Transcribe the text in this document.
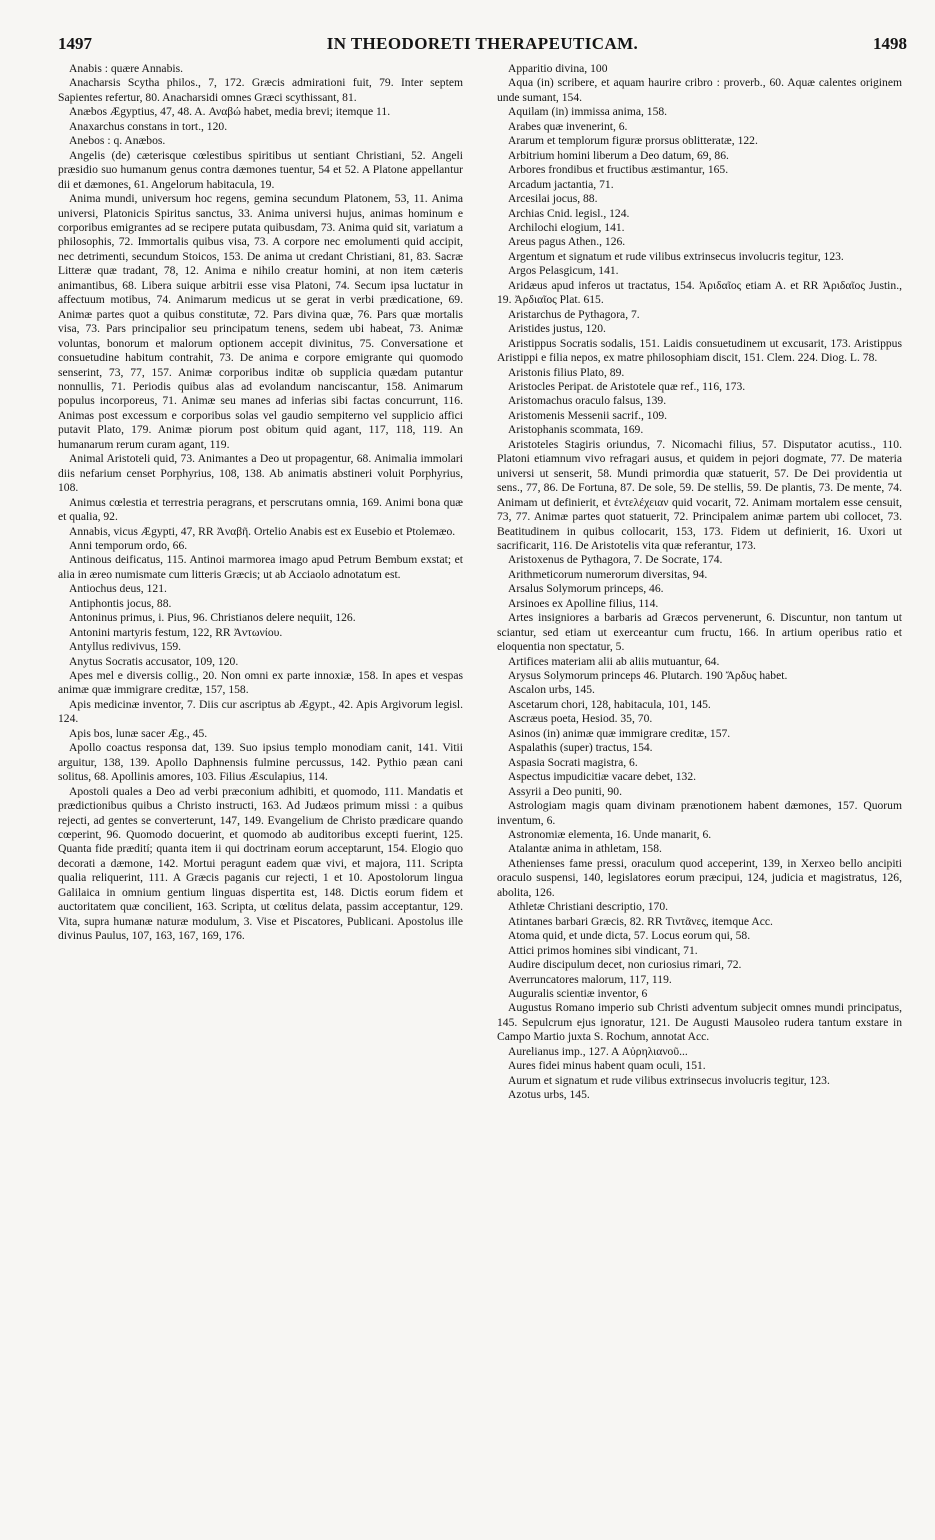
1497	IN THEODORETI THERAPEUTICAM.	1498

Anabis : quære Annabis.

Anacharsis Scytha philos., 7, 172. Græcis admirationi fuit, 79. Inter septem Sapientes refertur, 80. Anacharsidi omnes Græci scythissant, 81.

Anæbos Ægyptius, 47, 48. A. Αναβώ habet, media brevi; itemque 11.

Anaxarchus constans in tort., 120.

Anebos : q. Anæbos.

Angelis (de) cæterisque cœlestibus spiritibus ut sentiant Christiani, 52. Angeli præsidio suo humanum genus contra dæmones tuentur, 54 et 52. A Platone appellantur dii et dæmones, 61. Angelorum habitacula, 19.

Anima mundi, universum hoc regens, gemina secundum Platonem, 53, 11. Anima universi, Platonicis Spiritus sanctus, 33. Anima universi hujus, animas hominum e corporibus emigrantes ad se recipere putata quibusdam, 73. Anima quid sit, variatum a philosophis, 72. Immortalis quibus visa, 73. A corpore nec emolumenti quid accipit, nec detrimenti, secundum Stoicos, 153. De anima ut credant Christiani, 81, 83. Sacræ Litteræ quæ tradant, 78, 12. Anima e nihilo creatur homini, at non item cæteris animantibus, 68. Libera suique arbitrii esse visa Platoni, 74. Secum ipsa luctatur in affectuum motibus, 74. Animarum medicus ut se gerat in verbi prædicatione, 69. Animæ partes quot a quibus constitutæ, 72. Pars divina quæ, 76. Pars quæ mortalis visa, 73. Pars principalior seu principatum tenens, sedem ubi habeat, 73. Animæ voluntas, bonorum et malorum optionem accepit divinitus, 75. Conversatione et consuetudine habitum contrahit, 73. De anima e corpore emigrante qui quomodo senserint, 73, 77, 157. Animæ corporibus inditæ ob supplicia quædam putantur nonnullis, 71. Periodis quibus alas ad evolandum nanciscantur, 158. Animarum populus incorporeus, 71. Animæ seu manes ad inferias sibi factas concurrunt, 116. Animas post excessum e corporibus solas vel gaudio sempiterno vel supplicio affici putavit Plato, 179. Animæ piorum post obitum quid agant, 117, 118, 119. An humanarum rerum curam agant, 119.

Animal Aristoteli quid, 73. Animantes a Deo ut propagentur, 68. Animalia immolari diis nefarium censet Porphyrius, 108, 138. Ab animatis abstineri voluit Porphyrius, 108.

Animus cœlestia et terrestria peragrans, et perscrutans omnia, 169. Animi bona quæ et qualia, 92.

Annabis, vicus Ægypti, 47, RR Ἀναβῆ. Ortelio Anabis est ex Eusebio et Ptolemæo.

Anni temporum ordo, 66.

Antinous deificatus, 115. Antinoi marmorea imago apud Petrum Bembum exstat; et alia in æreo numismate cum litteris Græcis; ut ab Acciaolo adnotatum est.

Antiochus deus, 121.

Antiphontis jocus, 88.

Antoninus primus, i. Pius, 96. Christianos delere nequiit, 126.

Antonini martyris festum, 122, RR Ἀντωνίου.

Antyllus redivivus, 159.

Anytus Socratis accusator, 109, 120.

Apes mel e diversis collig., 20. Non omni ex parte innoxiæ, 158. In apes et vespas animæ quæ immigrare creditæ, 157, 158.

Apis medicinæ inventor, 7. Diis cur ascriptus ab Ægypt., 42. Apis Argivorum legisl. 124.

Apis bos, lunæ sacer Æg., 45.

Apollo coactus responsa dat, 139. Suo ipsius templo monodiam canit, 141. Vitii arguitur, 138, 139. Apollo Daphnensis fulmine percussus, 142. Pythio pæan cani solitus, 68. Apollinis amores, 103. Filius Æsculapius, 114.

Apostoli quales a Deo ad verbi præconium adhibiti, et quomodo, 111. Mandatis et prædictionibus quibus a Christo instructi, 163. Ad Judæos primum missi : a quibus rejecti, ad gentes se converterunt, 147, 149. Evangelium de Christo prædicare quando cœperint, 96. Quomodo docuerint, et quomodo ab auditoribus excepti fuerint, 125. Quanta fide prædití; quanta item ii qui doctrinam eorum acceptarunt, 154. Elogio quo decorati a dæmone, 142. Mortui peragunt eadem quæ vivi, et majora, 111. Scripta qualia reliquerint, 111. A Græcis paganis cur rejecti, 1 et 10. Apostolorum lingua Galilaica in omnium gentium linguas dispertita est, 148. Dictis eorum fidem et auctoritatem quæ concilient, 163. Scripta, ut cœlitus delata, passim acceptantur, 129. Vita, supra humanæ naturæ modulum, 3. Vise et Piscatores, Publicani. Apostolus ille divinus Paulus, 107, 163, 167, 169, 176.

Apparitio divina, 100

Aqua (in) scribere, et aquam haurire cribro : proverb., 60. Aquæ calentes originem unde sumant, 154.

Aquilam (in) immissa anima, 158.

Arabes quæ invenerint, 6.

Ararum et templorum figuræ prorsus oblitteratæ, 122.

Arbitrium homini liberum a Deo datum, 69, 86.

Arbores frondibus et fructibus æstimantur, 165.

Arcadum jactantia, 71.

Arcesilai jocus, 88.

Archias Cnid. legisl., 124.

Archilochi elogium, 141.

Areus pagus Athen., 126.

Argentum et signatum et rude vilibus extrinsecus involucris tegitur, 123.

Argos Pelasgicum, 141.

Aridæus apud inferos ut tractatus, 154. Ἀριδαῖος etiam A. et RR Ἀριδαῖος Justin., 19. Ἀρδιαῖος Plat. 615.

Aristarchus de Pythagora, 7.

Aristides justus, 120.

Aristippus Socratis sodalis, 151. Laidis consuetudinem ut excusarit, 173. Aristippus Aristippi e filia nepos, ex matre philosophiam discit, 151. Clem. 224. Diog. L. 78.

Aristonis filius Plato, 89.

Aristocles Peripat. de Aristotele quæ ref., 116, 173.

Aristomachus oraculo falsus, 139.

Aristomenis Messenii sacrif., 109.

Aristophanis scommata, 169.

Aristoteles Stagiris oriundus, 7. Nicomachi filius, 57. Disputator acutiss., 110. Platoni etiamnum vivo refragari ausus, et quidem in pejori dogmate, 77. De materia universi ut senserit, 58. Mundi primordia quæ statuerit, 57. De Dei providentia ut sens., 77, 86. De Fortuna, 87. De sole, 59. De stellis, 59. De plantis, 73. De mente, 74. Animam ut definierit, et ἐντελέχειαν quid vocarit, 72. Animam mortalem esse censuit, 73, 77. Animæ partes quot statuerit, 72. Principalem animæ partem ubi collocet, 73. Beatitudinem in quibus collocarit, 153, 173. Fidem ut definierit, 16. Uxori ut sacrificarit, 116. De Aristotelis vita quæ referantur, 173.

Aristoxenus de Pythagora, 7. De Socrate, 174.

Arithmeticorum numerorum diversitas, 94.

Arsalus Solymorum princeps, 46.

Arsinoes ex Apolline filius, 114.

Artes insigniores a barbaris ad Græcos pervenerunt, 6. Discuntur, non tantum ut sciantur, sed etiam ut exerceantur cum fructu, 166. In artium operibus ratio et eloquentia non spectatur, 5.

Artifices materiam alii ab aliis mutuantur, 64.

Arysus Solymorum princeps 46. Plutarch. 190 Ἄρδυς habet.

Ascalon urbs, 145.

Ascetarum chori, 128, habitacula, 101, 145.

Ascræus poeta, Hesiod. 35, 70.

Asinos (in) animæ quæ immigrare creditæ, 157.

Aspalathis (super) tractus, 154.

Aspasia Socrati magistra, 6.

Aspectus impudicitiæ vacare debet, 132.

Assyrii a Deo puniti, 90.

Astrologiam magis quam divinam prænotionem habent dæmones, 157. Quorum inventum, 6.

Astronomiæ elementa, 16. Unde manarit, 6.

Atalantæ anima in athletam, 158.

Athenienses fame pressi, oraculum quod acceperint, 139, in Xerxeo bello ancipiti oraculo suspensi, 140, legislatores eorum præcipui, 124, judicia et magistratus, 126, abolita, 126.

Athletæ Christiani descriptio, 170.

Atintanes barbari Græcis, 82. RR Τιντᾶνες, itemque Acc.

Atoma quid, et unde dicta, 57. Locus eorum qui, 58.

Attici primos homines sibi vindicant, 71.

Audire discipulum decet, non curiosius rimari, 72.

Averruncatores malorum, 117, 119.

Auguralis scientiæ inventor, 6

Augustus Romano imperio sub Christi adventum subjecit omnes mundi principatus, 145. Sepulcrum ejus ignoratur, 121. De Augusti Mausoleo rudera tantum exstare in Campo Martio juxta S. Rochum, annotat Acc.

Aurelianus imp., 127. A Αὐρηλιανοῦ...

Aures fidei minus habent quam oculi, 151.

Aurum et signatum et rude vilibus extrinsecus involucris tegitur, 123.

Azotus urbs, 145.
